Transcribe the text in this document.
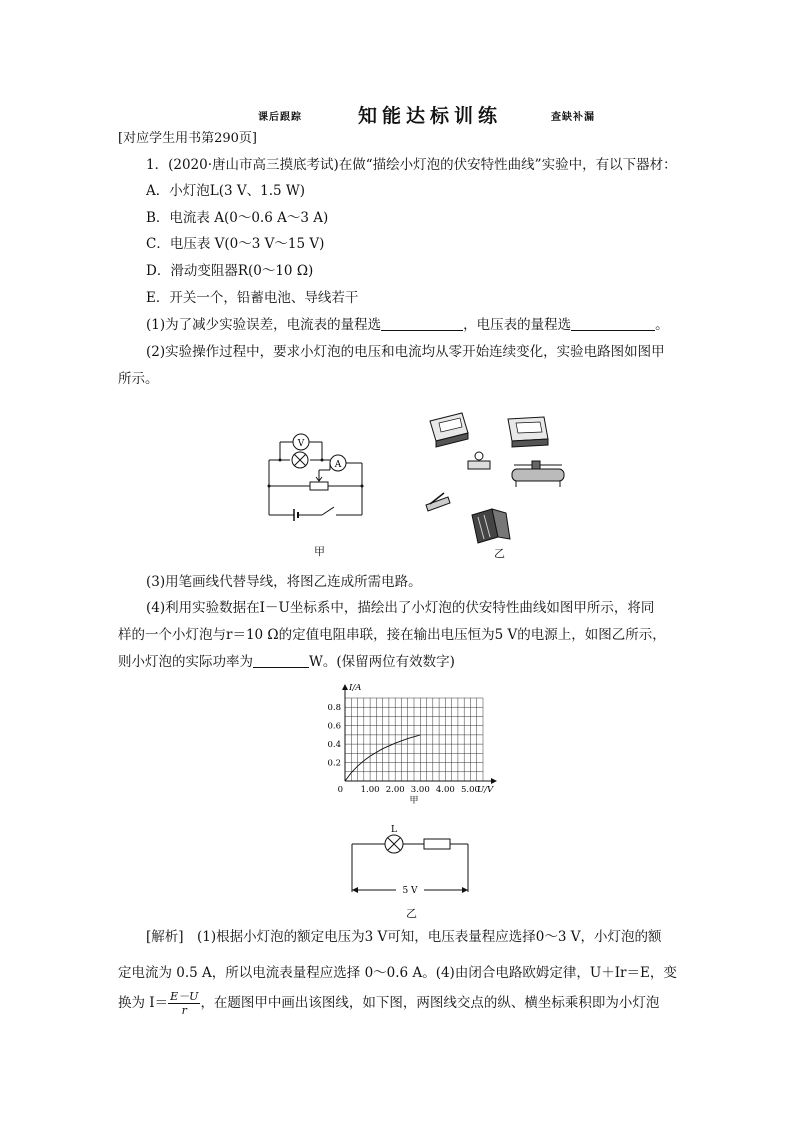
课后跟踪	知能达标训练	查缺补漏
[对应学生用书第290页]
1．(2020·唐山市高三摸底考试)在做“描绘小灯泡的伏安特性曲线”实验中，有以下器材：
A．小灯泡L(3 V、1.5 W)
B．电流表 A(0～0.6 A～3 A)
C．电压表 V(0～3 V～15 V)
D．滑动变阻器R(0～10 Ω)
E．开关一个，铅蓄电池、导线若干
(1)为了减少实验误差，电流表的量程选	，电压表的量程选	。
(2)实验操作过程中，要求小灯泡的电压和电流均从零开始连续变化，实验电路图如图甲
所示。
V
A
甲	乙
(3)用笔画线代替导线，将图乙连成所需电路。
(4)利用实验数据在I－U坐标系中，描绘出了小灯泡的伏安特性曲线如图甲所示，将同
样的一个小灯泡与r＝10 Ω的定值电阻串联，接在输出电压恒为5 V的电源上，如图乙所示，
则小灯泡的实际功率为	W。(保留两位有效数字)
1.00 2.00 3.00 4.00 5.00
0.2
0.4
0.6
0.8
0
I/A
U/V
甲
L
5 V
乙
[解析]　(1)根据小灯泡的额定电压为3 V可知，电压表量程应选择0～3 V，小灯泡的额
定电流为 0.5 A，所以电流表量程应选择 0～0.6 A。(4)由闭合电路欧姆定律，U＋Ir＝E，变
换为 $I= \frac{E-U}{r}$ ，在题图甲中画出该图线，如下图，两图线交点的纵、横坐标乘积即为小灯泡
